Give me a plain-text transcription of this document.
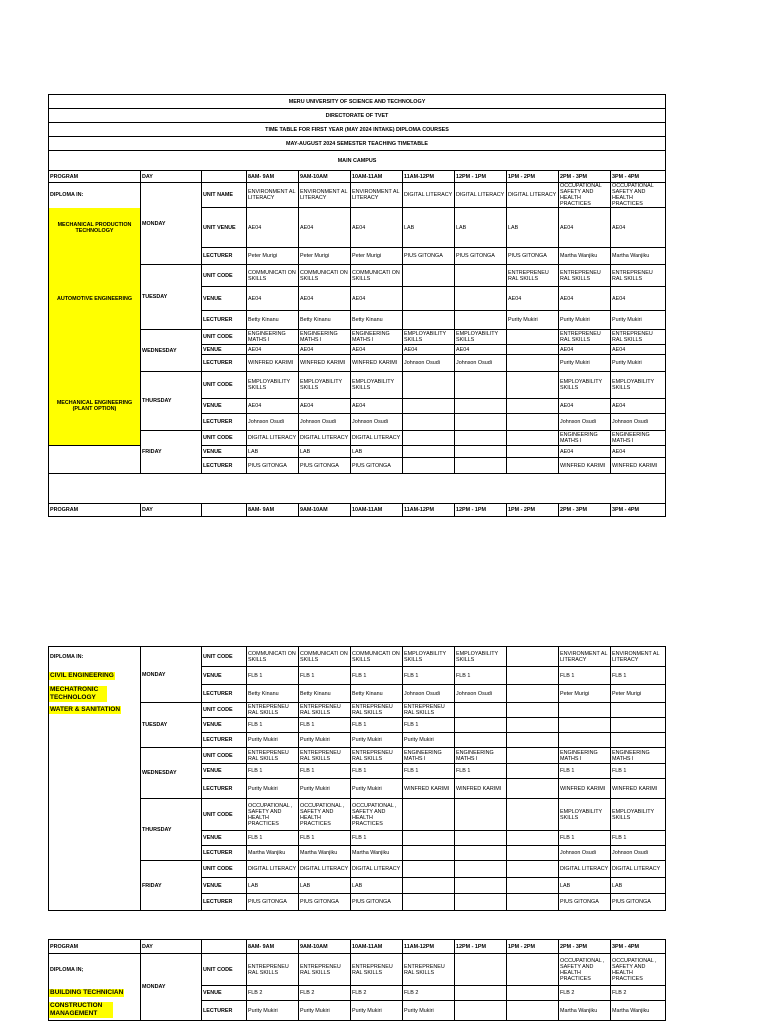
MERU UNIVERSITY OF SCIENCE AND TECHNOLOGY										
DIRECTORATE OF TVET										
TIME TABLE FOR FIRST YEAR (MAY 2024 INTAKE) DIPLOMA COURSES										
MAY-AUGUST 2024 SEMESTER TEACHING TIMETABLE										
MAIN CAMPUS										
PROGRAM	DAY		8AM- 9AM	9AM-10AM	10AM-11AM	11AM-12PM	12PM - 1PM	1PM - 2PM	2PM - 3PM	3PM - 4PM
DIPLOMA IN:	MONDAY	UNIT NAME	ENVIRONMENT AL LITERACY	ENVIRONMENT AL LITERACY	ENVIRONMENT AL LITERACY	DIGITAL LITERACY	DIGITAL LITERACY	DIGITAL LITERACY	OCCUPATIONAL SAFETY AND HEALTH PRACTICES	OCCUPATIONAL SAFETY AND HEALTH PRACTICES
MECHANICAL PRODUCTION TECHNOLOGY		UNIT VENUE	AE04	AE04	AE04	LAB	LAB	LAB	AE04	AE04
		LECTURER	Peter Murigi	Peter Murigi	Peter Murigi	PIUS GITONGA	PIUS GITONGA	PIUS GITONGA	Martha Wanjiku	Martha Wanjiku
	TUESDAY	UNIT CODE	COMMUNICATI ON SKILLS	COMMUNICATI ON SKILLS	COMMUNICATI ON SKILLS			ENTREPRENEU RAL SKILLS	ENTREPRENEU RAL SKILLS	ENTREPRENEU RAL SKILLS
AUTOMOTIVE ENGINEERING		VENUE	AE04	AE04	AE04			AE04	AE04	AE04
		LECTURER	Betty Kinanu	Betty Kinanu	Betty Kinanu			Purity Mukiri	Purity Mukiri	Purity Mukiri
	WEDNESDAY	UNIT CODE	ENGINEERING MATHS I	ENGINEERING MATHS I	ENGINEERING MATHS I	EMPLOYABILITY SKILLS	EMPLOYABILITY SKILLS		ENTREPRENEU RAL SKILLS	ENTREPRENEU RAL SKILLS
		VENUE	AE04	AE04	AE04	AE04	AE04		AE04	AE04
		LECTURER	WINFRED KARIMI	WINFRED KARIMI	WINFRED KARIMI	Johnson Osudi	Johnson Osudi		Purity Mukiri	Purity Mukiri
	THURSDAY	UNIT CODE	EMPLOYABILITY SKILLS	EMPLOYABILITY SKILLS	EMPLOYABILITY SKILLS				EMPLOYABILITY SKILLS	EMPLOYABILITY SKILLS
MECHANICAL ENGINEERING (PLANT OPTION)		VENUE	AE04	AE04	AE04				AE04	AE04
		LECTURER	Johnson Osudi	Johnson Osudi	Johnson Osudi				Johnson Osudi	Johnson Osudi
	FRIDAY	UNIT CODE	DIGITAL LITERACY	DIGITAL LITERACY	DIGITAL LITERACY				ENGINEERING MATHS I	ENGINEERING MATHS I
		VENUE	LAB	LAB	LAB				AE04	AE04
		LECTURER	PIUS GITONGA	PIUS GITONGA	PIUS GITONGA				WINFRED KARIMI	WINFRED KARIMI

PROGRAM	DAY		8AM- 9AM	9AM-10AM	10AM-11AM	11AM-12PM	12PM - 1PM	1PM - 2PM	2PM - 3PM	3PM - 4PM
DIPLOMA IN:	MONDAY	UNIT CODE	COMMUNICATI ON SKILLS	COMMUNICATI ON SKILLS	COMMUNICATI ON SKILLS	EMPLOYABILITY SKILLS	EMPLOYABILITY SKILLS		ENVIRONMENT AL LITERACY	ENVIRONMENT AL LITERACY
CIVIL ENGINEERING		VENUE	FLB 1	FLB 1	FLB 1	FLB 1	FLB 1		FLB 1	FLB 1

MECHATRONIC TECHNOLOGY		LECTURER	Betty Kinanu	Betty Kinanu	Betty Kinanu	Johnson Osudi	Johnson Osudi		Peter Murigi	Peter Murigi
WATER & SANITATION	TUESDAY	UNIT CODE	ENTREPRENEU RAL SKILLS	ENTREPRENEU RAL SKILLS	ENTREPRENEU RAL SKILLS	ENTREPRENEU RAL SKILLS				
		VENUE	FLB 1	FLB 1	FLB 1	FLB 1				
		LECTURER	Purity Mukiri	Purity Mukiri	Purity Mukiri	Purity Mukiri				
	WEDNESDAY	UNIT CODE	ENTREPRENEU RAL SKILLS	ENTREPRENEU RAL SKILLS	ENTREPRENEU RAL SKILLS	ENGINEERING MATHS I	ENGINEERING MATHS I		ENGINEERING MATHS I	ENGINEERING MATHS I
		VENUE	FLB 1	FLB 1	FLB 1	FLB 1	FLB 1		FLB 1	FLB 1
		LECTURER	Purity Mukiri	Purity Mukiri	Purity Mukiri	WINFRED KARIMI	WINFRED KARIMI		WINFRED KARIMI	WINFRED KARIMI
	THURSDAY	UNIT CODE	OCCUPATIONAL , SAFETY AND HEALTH PRACTICES	OCCUPATIONAL , SAFETY AND HEALTH PRACTICES	OCCUPATIONAL , SAFETY AND HEALTH PRACTICES				EMPLOYABILITY SKILLS	EMPLOYABILITY SKILLS
		VENUE	FLB 1	FLB 1	FLB 1				FLB 1	FLB 1
		LECTURER	Martha Wanjiku	Martha Wanjiku	Martha Wanjiku				Johnson Osudi	Johnson Osudi
	FRIDAY	UNIT CODE	DIGITAL LITERACY	DIGITAL LITERACY	DIGITAL LITERACY				DIGITAL LITERACY	DIGITAL LITERACY
		VENUE	LAB	LAB	LAB				LAB	LAB
		LECTURER	PIUS GITONGA	PIUS GITONGA	PIUS GITONGA				PIUS GITONGA	PIUS GITONGA
PROGRAM	DAY		8AM- 9AM	9AM-10AM	10AM-11AM	11AM-12PM	12PM - 1PM	1PM - 2PM	2PM - 3PM	3PM - 4PM
DIPLOMA IN;	MONDAY	UNIT CODE	ENTREPRENEU RAL SKILLS	ENTREPRENEU RAL SKILLS	ENTREPRENEU RAL SKILLS	ENTREPRENEU RAL SKILLS			OCCUPATIONAL , SAFETY AND HEALTH PRACTICES	OCCUPATIONAL , SAFETY AND HEALTH PRACTICES
BUILDING TECHNICIAN		VENUE	FLB 2	FLB 2	FLB 2	FLB 2			FLB 2	FLB 2

CONSTRUCTION MANAGEMENT		LECTURER	Purity Mukiri	Purity Mukiri	Purity Mukiri	Purity Mukiri			Martha Wanjiku	Martha Wanjiku
